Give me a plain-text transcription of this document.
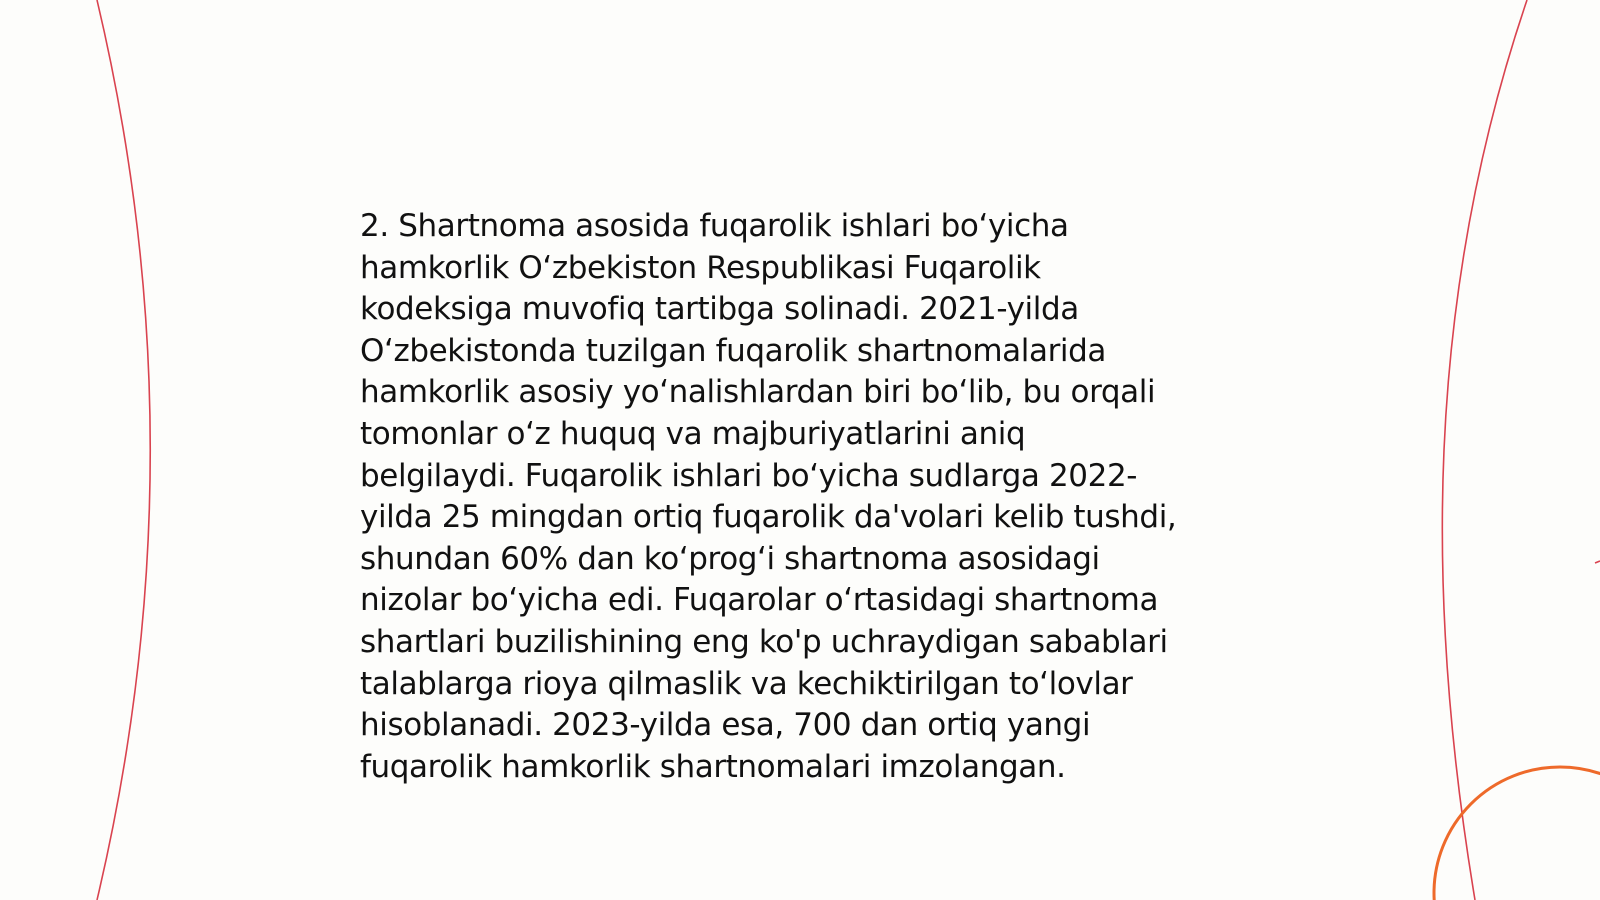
2. Shartnoma asosida fuqarolik ishlari bo‘yicha
hamkorlik O‘zbekiston Respublikasi Fuqarolik
kodeksiga muvofiq tartibga solinadi. 2021-yilda
O‘zbekistonda tuzilgan fuqarolik shartnomalarida
hamkorlik asosiy yo‘nalishlardan biri bo‘lib, bu orqali
tomonlar o‘z huquq va majburiyatlarini aniq
belgilaydi. Fuqarolik ishlari bo‘yicha sudlarga 2022-
yilda 25 mingdan ortiq fuqarolik da'volari kelib tushdi,
shundan 60% dan ko‘prog‘i shartnoma asosidagi
nizolar bo‘yicha edi. Fuqarolar o‘rtasidagi shartnoma
shartlari buzilishining eng ko'p uchraydigan sabablari
talablarga rioya qilmaslik va kechiktirilgan to‘lovlar
hisoblanadi. 2023-yilda esa, 700 dan ortiq yangi
fuqarolik hamkorlik shartnomalari imzolangan.
